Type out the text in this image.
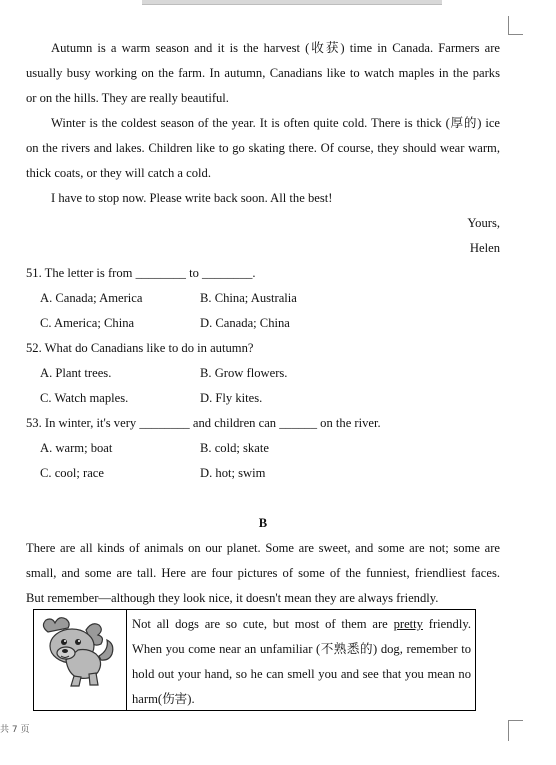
Autumn is a warm season and it is the harvest (收获) time in Canada. Farmers are
usually busy working on the farm. In autumn, Canadians like to watch maples in the parks
or on the hills. They are really beautiful.
Winter is the coldest season of the year. It is often quite cold. There is thick (厚的) ice
on the rivers and lakes. Children like to go skating there. Of course, they should wear warm,
thick coats, or they will catch a cold.
I have to stop now. Please write back soon. All the best!
Yours,
Helen
51. The letter is from ________ to ________.
A. Canada; America	B. China; Australia
C. America; China	D. Canada; China
52. What do Canadians like to do in autumn?
A. Plant trees.	B. Grow flowers.
C. Watch maples.	D. Fly kites.
53. In winter, it's very ________ and children can ______ on the river.
A. warm; boat	B. cold; skate
C. cool; race	D. hot; swim
B
There are all kinds of animals on our planet. Some are sweet, and some are not; some are
small, and some are tall. Here are four pictures of some of the funniest, friendliest faces.
But remember—although they look nice, it doesn't mean they are always friendly.
Not all dogs are so cute, but most of them are pretty friendly.
When you come near an unfamiliar (不熟悉的) dog, remember to
hold out your hand, so he can smell you and see that you mean no
harm(伤害).
共 7 页
